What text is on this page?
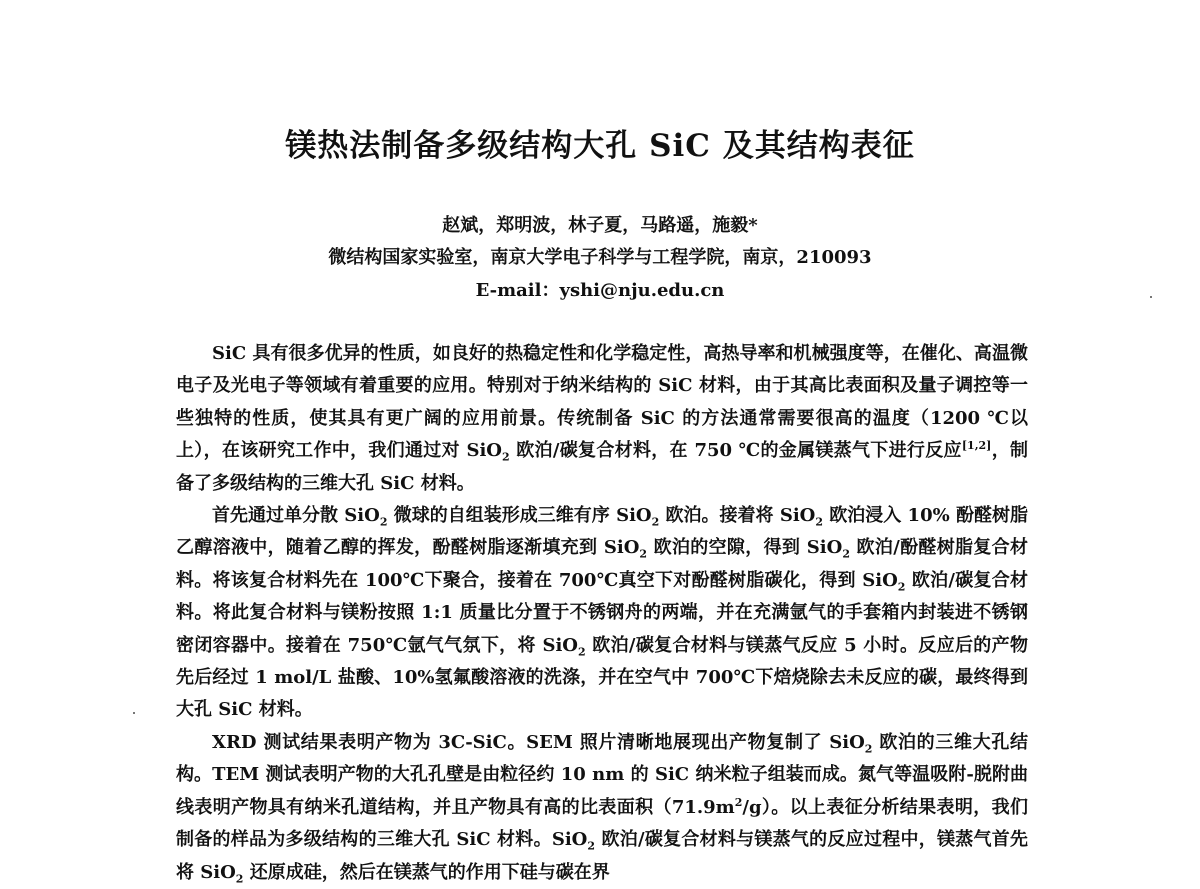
镁热法制备多级结构大孔 SiC 及其结构表征
赵斌，郑明波，林子夏，马路遥，施毅*
微结构国家实验室，南京大学电子科学与工程学院，南京，210093
E-mail：yshi@nju.edu.cn

SiC 具有很多优异的性质，如良好的热稳定性和化学稳定性，高热导率和机械强度等，在催化、高温微电子及光电子等领域有着重要的应用。特别对于纳米结构的 SiC 材料，由于其高比表面积及量子调控等一些独特的性质，使其具有更广阔的应用前景。传统制备 SiC 的方法通常需要很高的温度（1200 ℃以上），在该研究工作中，我们通过对 SiO$_2$ 欧泊/碳复合材料，在 750 ℃的金属镁蒸气下进行反应[1,2]，制备了多级结构的三维大孔 SiC 材料。

首先通过单分散 SiO$_2$ 微球的自组装形成三维有序 SiO$_2$ 欧泊。接着将 SiO$_2$ 欧泊浸入 10% 酚醛树脂乙醇溶液中，随着乙醇的挥发，酚醛树脂逐渐填充到 SiO$_2$ 欧泊的空隙，得到 SiO$_2$ 欧泊/酚醛树脂复合材料。将该复合材料先在 100℃下聚合，接着在 700℃真空下对酚醛树脂碳化，得到 SiO$_2$ 欧泊/碳复合材料。将此复合材料与镁粉按照 1:1 质量比分置于不锈钢舟的两端，并在充满氩气的手套箱内封装进不锈钢密闭容器中。接着在 750℃氩气气氛下，将 SiO$_2$ 欧泊/碳复合材料与镁蒸气反应 5 小时。反应后的产物先后经过 1 mol/L 盐酸、10%氢氟酸溶液的洗涤，并在空气中 700℃下焙烧除去未反应的碳，最终得到大孔 SiC 材料。

XRD 测试结果表明产物为 3C-SiC。SEM 照片清晰地展现出产物复制了 SiO$_2$ 欧泊的三维大孔结构。TEM 测试表明产物的大孔孔壁是由粒径约 10 nm 的 SiC 纳米粒子组装而成。氮气等温吸附-脱附曲线表明产物具有纳米孔道结构，并且产物具有高的比表面积（71.9m$^2$/g）。以上表征分析结果表明，我们制备的样品为多级结构的三维大孔 SiC 材料。SiO$_2$ 欧泊/碳复合材料与镁蒸气的反应过程中，镁蒸气首先将 SiO$_2$ 还原成硅，然后在镁蒸气的作用下硅与碳在界
